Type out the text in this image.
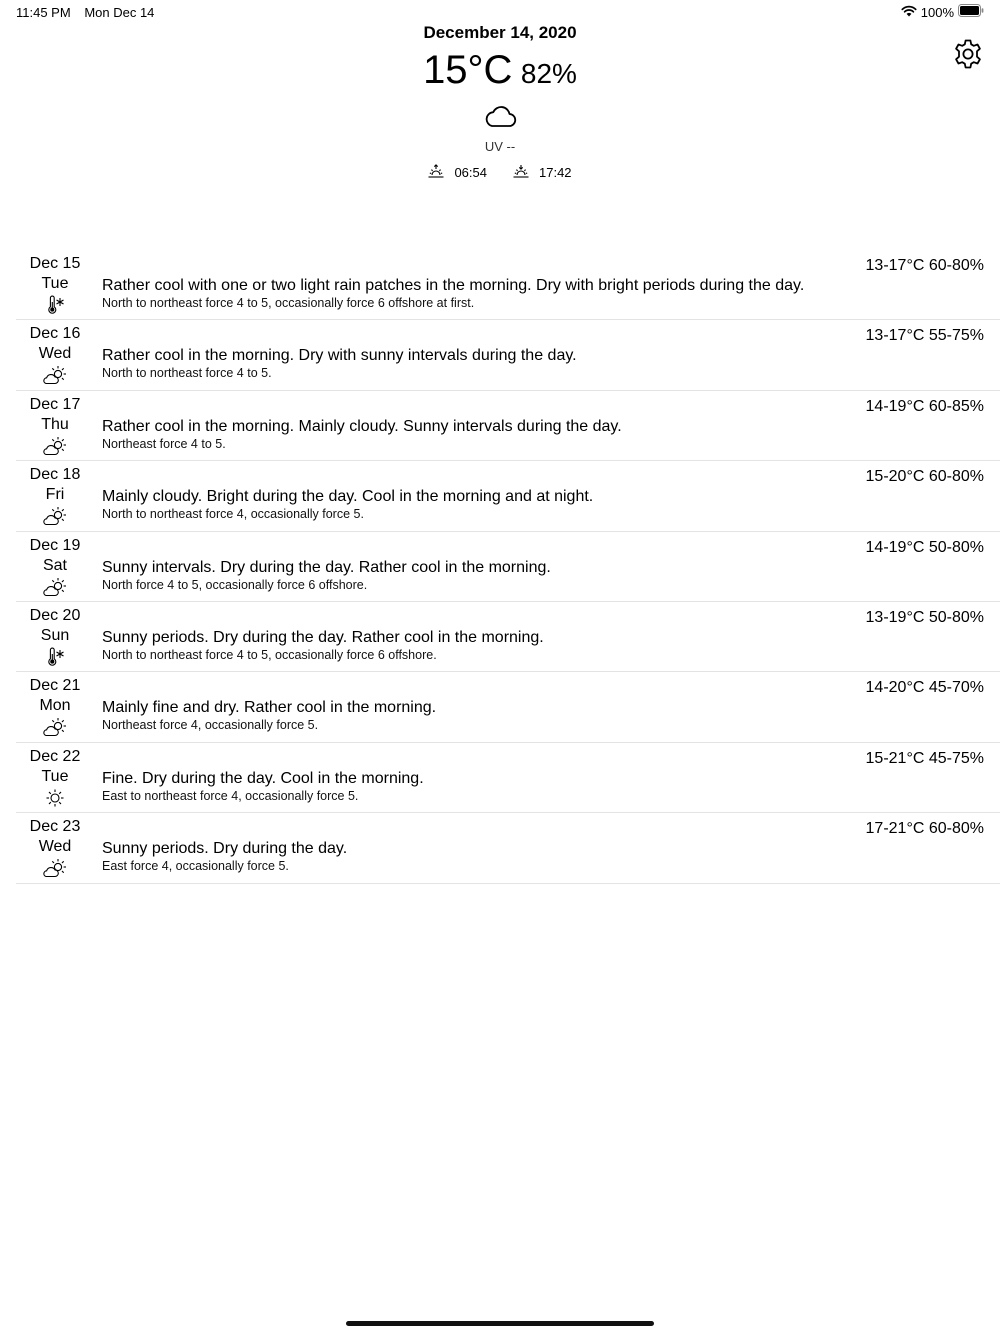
11:45 PM Mon Dec 14	100%
December 14, 2020
15°C 82%
UV --
06:54	17:42
Dec 15
Tue	Rather cool with one or two light rain patches in the morning. Dry with bright periods during the day.
North to northeast force 4 to 5, occasionally force 6 offshore at first.
13-17°C 60-80%
Dec 16
Wed	Rather cool in the morning. Dry with sunny intervals during the day.
North to northeast force 4 to 5.
13-17°C 55-75%
Dec 17
Thu	Rather cool in the morning. Mainly cloudy. Sunny intervals during the day.
Northeast force 4 to 5.
14-19°C 60-85%
Dec 18
Fri	Mainly cloudy. Bright during the day. Cool in the morning and at night.
North to northeast force 4, occasionally force 5.
15-20°C 60-80%
Dec 19
Sat	Sunny intervals. Dry during the day. Rather cool in the morning.
North force 4 to 5, occasionally force 6 offshore.
14-19°C 50-80%
Dec 20
Sun	Sunny periods. Dry during the day. Rather cool in the morning.
North to northeast force 4 to 5, occasionally force 6 offshore.
13-19°C 50-80%
Dec 21
Mon	Mainly fine and dry. Rather cool in the morning.
Northeast force 4, occasionally force 5.
14-20°C 45-70%
Dec 22
Tue	Fine. Dry during the day. Cool in the morning.
East to northeast force 4, occasionally force 5.
15-21°C 45-75%
Dec 23
Wed	Sunny periods. Dry during the day.
East force 4, occasionally force 5.
17-21°C 60-80%
